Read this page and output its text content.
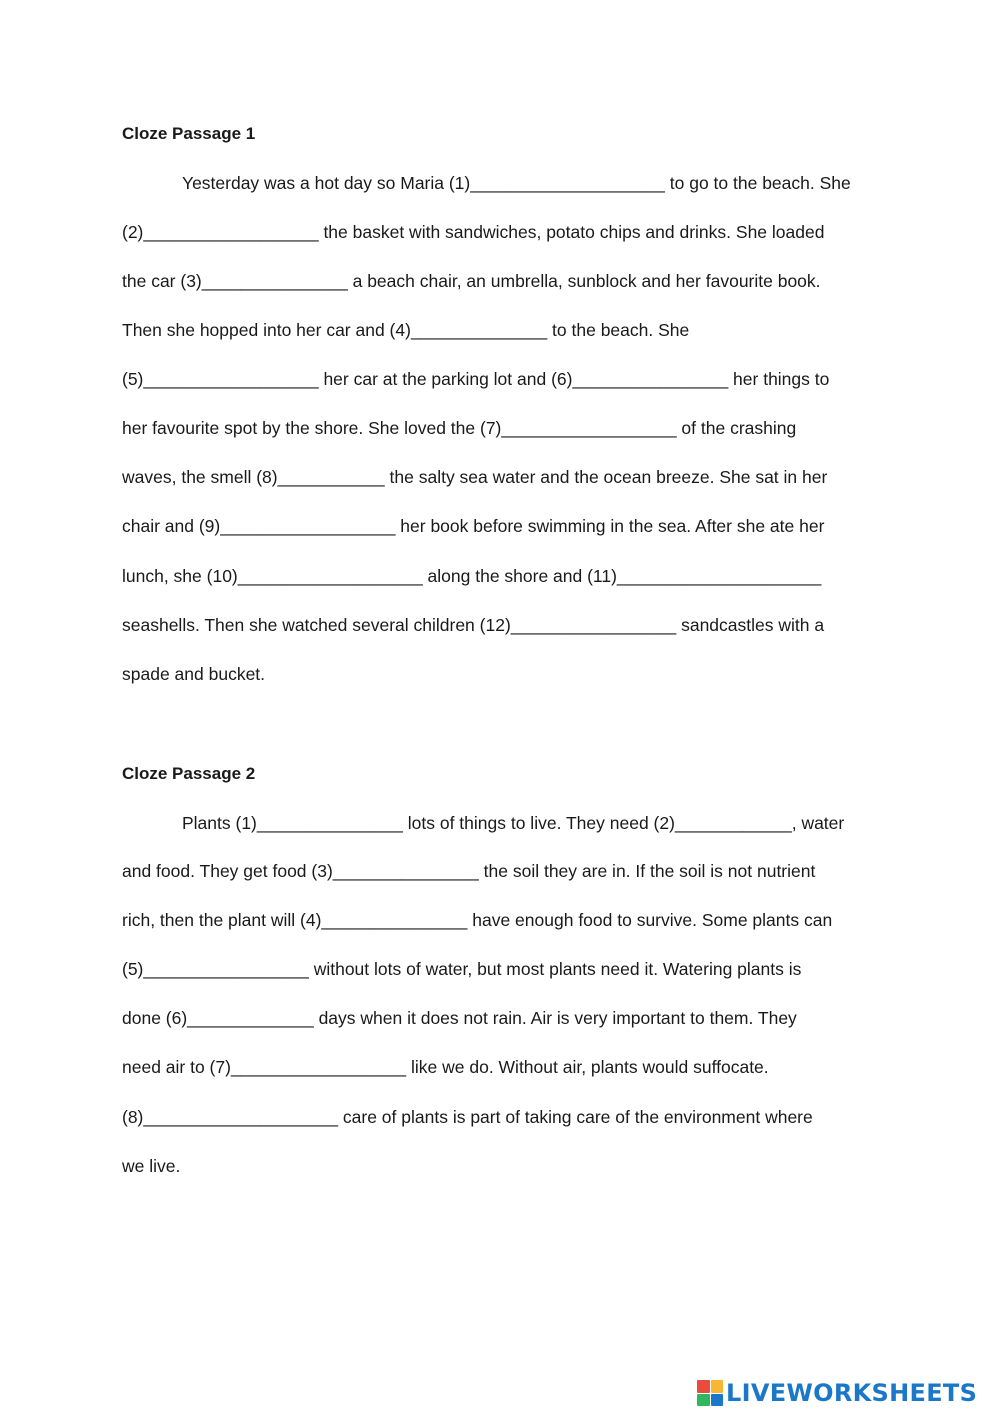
Cloze Passage 1

Yesterday was a hot day so Maria (1)____________________ to go to the beach. She

(2)__________________ the basket with sandwiches, potato chips and drinks. She loaded

the car (3)_______________ a beach chair, an umbrella, sunblock and her favourite book.

Then she hopped into her car and (4)______________ to the beach. She

(5)__________________ her car at the parking lot and (6)________________ her things to

her favourite spot by the shore. She loved the (7)__________________ of the crashing

waves, the smell (8)___________ the salty sea water and the ocean breeze. She sat in her

chair and (9)__________________ her book before swimming in the sea. After she ate her

lunch, she (10)___________________ along the shore and (11)_____________________

seashells. Then she watched several children (12)_________________ sandcastles with a

spade and bucket.

Cloze Passage 2

Plants (1)_______________ lots of things to live. They need (2)____________, water

and food. They get food (3)_______________ the soil they are in. If the soil is not nutrient

rich, then the plant will (4)_______________ have enough food to survive. Some plants can

(5)_________________ without lots of water, but most plants need it. Watering plants is

done (6)_____________ days when it does not rain. Air is very important to them. They

need air to (7)__________________ like we do. Without air, plants would suffocate.

(8)____________________ care of plants is part of taking care of the environment where

we live.

LIVEWORKSHEETS
